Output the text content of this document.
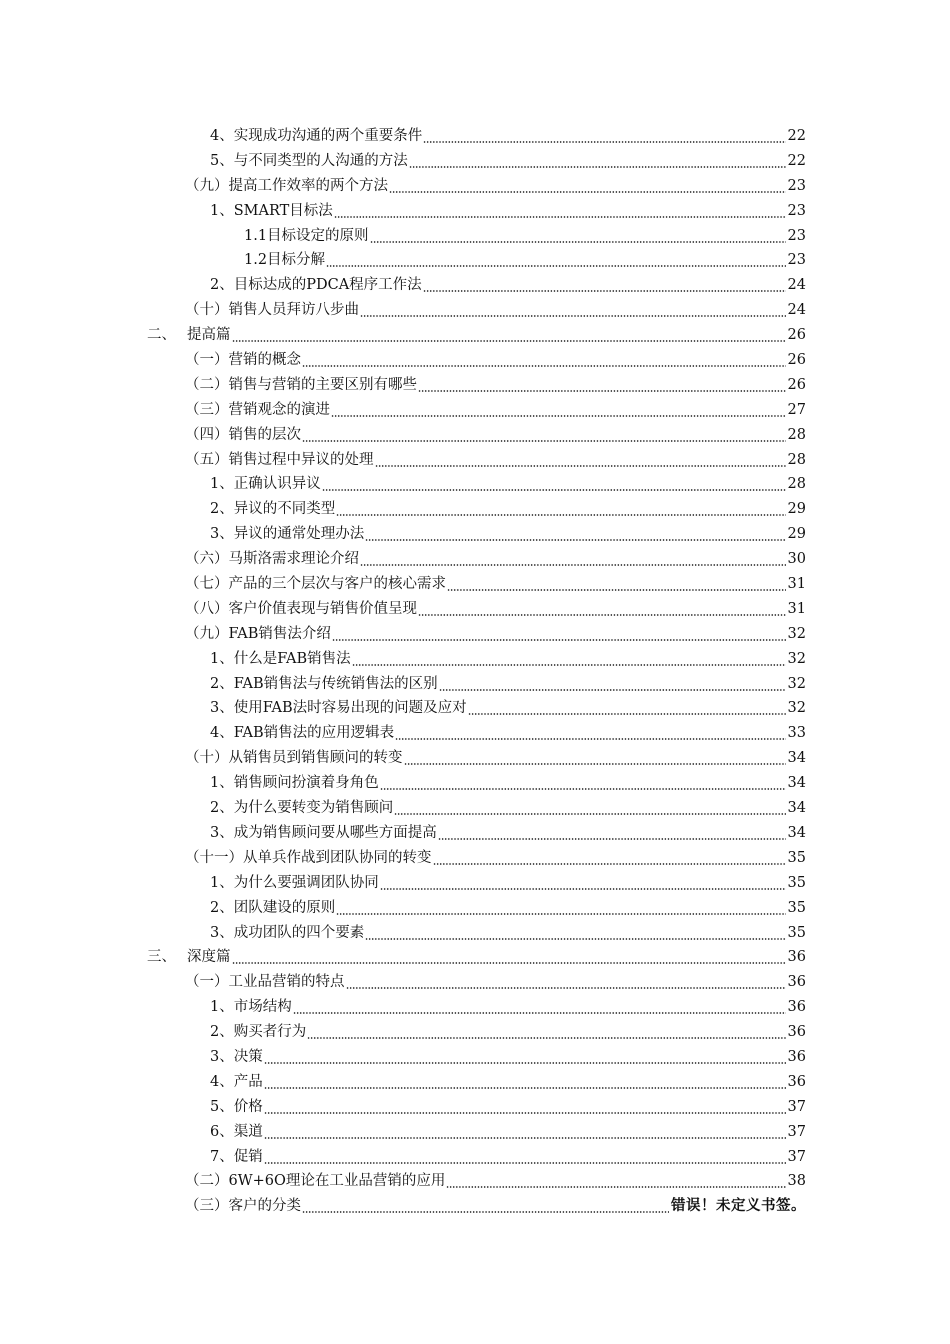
4、实现成功沟通的两个重要条件	22
5、与不同类型的人沟通的方法	22
（九）提高工作效率的两个方法	23
1、SMART目标法	23
1.1目标设定的原则	23
1.2目标分解	23
2、目标达成的PDCA程序工作法	24
（十）销售人员拜访八步曲	24
二、 提高篇	26
（一）营销的概念	26
（二）销售与营销的主要区别有哪些	26
（三）营销观念的演进	27
（四）销售的层次	28
（五）销售过程中异议的处理	28
1、正确认识异议	28
2、异议的不同类型	29
3、异议的通常处理办法	29
（六）马斯洛需求理论介绍	30
（七）产品的三个层次与客户的核心需求	31
（八）客户价值表现与销售价值呈现	31
（九）FAB销售法介绍	32
1、什么是FAB销售法	32
2、FAB销售法与传统销售法的区别	32
3、使用FAB法时容易出现的问题及应对	32
4、FAB销售法的应用逻辑表	33
（十）从销售员到销售顾问的转变	34
1、销售顾问扮演着身角色	34
2、为什么要转变为销售顾问	34
3、成为销售顾问要从哪些方面提高	34
（十一）从单兵作战到团队协同的转变	35
1、为什么要强调团队协同	35
2、团队建设的原则	35
3、成功团队的四个要素	35
三、 深度篇	36
（一）工业品营销的特点	36
1、市场结构	36
2、购买者行为	36
3、决策	36
4、产品	36
5、价格	37
6、渠道	37
7、促销	37
（二）6W+6O理论在工业品营销的应用	38
（三）客户的分类	错误！未定义书签。
